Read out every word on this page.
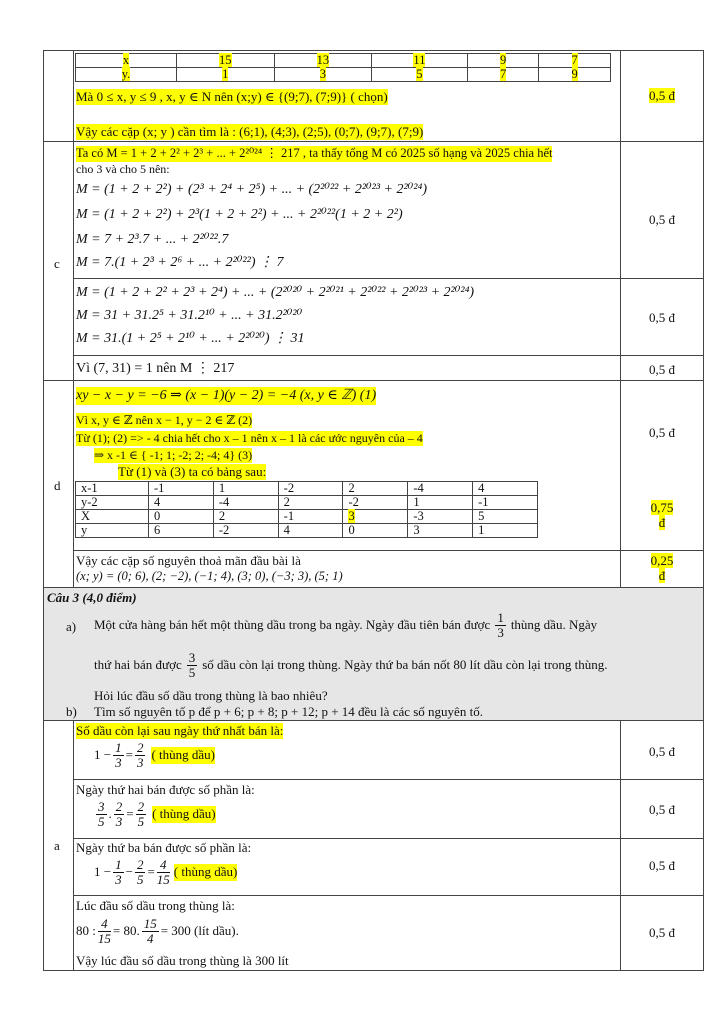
x	15	13	11	9	7
y.	1	3	5	7	9
Mà 0 ≤ x, y ≤ 9 , x, y ∈ N nên (x;y) ∈ {(9;7), (7;9)} ( chọn)
Vậy các cặp (x; y ) cần tìm là : (6;1), (4;3), (2;5), (0;7), (9;7), (7;9)
0,5 đ
c
Ta có M = 1 + 2 + 2² + 2³ + ... + 2²⁰²⁴ ⋮ 217 , ta thấy tổng M có 2025 số hạng và 2025 chia hết
cho 3 và cho 5 nên:
M = (1 + 2 + 2²) + (2³ + 2⁴ + 2⁵) + ... + (2²⁰²² + 2²⁰²³ + 2²⁰²⁴)
M = (1 + 2 + 2²) + 2³(1 + 2 + 2²) + ... + 2²⁰²²(1 + 2 + 2²)
M = 7 + 2³.7 + ... + 2²⁰²².7
M = 7.(1 + 2³ + 2⁶ + ... + 2²⁰²²) ⋮ 7
0,5 đ
M = (1 + 2 + 2² + 2³ + 2⁴) + ... + (2²⁰²⁰ + 2²⁰²¹ + 2²⁰²² + 2²⁰²³ + 2²⁰²⁴)
M = 31 + 31.2⁵ + 31.2¹⁰ + ... + 31.2²⁰²⁰
M = 31.(1 + 2⁵ + 2¹⁰ + ... + 2²⁰²⁰) ⋮ 31
0,5 đ
Vì (7, 31) = 1 nên M ⋮ 217	0,5 đ
d
xy − x − y = −6 ⇒ (x − 1)(y − 2) = −4 (x, y ∈ ℤ) (1)
Vì x, y ∈ ℤ nên x − 1, y − 2 ∈ ℤ (2)
Từ (1); (2) => - 4 chia hết cho x – 1 nên x – 1 là các ước nguyên của – 4
⇒ x -1 ∈ { -1; 1; -2; 2; -4; 4} (3)
Từ (1) và (3) ta có bảng sau:
0,5 đ
x-1	-1	1	-2	2	-4	4
y-2	4	-4	2	-2	1	-1
X	0	2	-1	3	-3	5
y	6	-2	4	0	3	1
0,75
đ
Vậy các cặp số nguyên thoả mãn đầu bài là
(x; y) = (0; 6), (2; −2), (−1; 4), (3; 0), (−3; 3), (5; 1)
0,25
đ
Câu 3 (4,0 điểm)
a) Một cửa hàng bán hết một thùng dầu trong ba ngày. Ngày đầu tiên bán được $\frac{1}{3}$ thùng dầu. Ngày
thứ hai bán được $\frac{3}{5}$ số dầu còn lại trong thùng. Ngày thứ ba bán nốt 80 lít dầu còn lại trong thùng.
Hỏi lúc đầu số dầu trong thùng là bao nhiêu?
b) Tìm số nguyên tố p để p + 6; p + 8; p + 12; p + 14 đều là các số nguyên tố.
a
Số dầu còn lại sau ngày thứ nhất bán là:
$1 - \frac{1}{3} = \frac{2}{3}$ ( thùng dầu)	0,5 đ
Ngày thứ hai bán được số phần là:
$\frac{3}{5}$ . $\frac{2}{3} = \frac{2}{5}$ ( thùng dầu)	0,5 đ
Ngày thứ ba bán được số phần là:
$1 - \frac{1}{3} - \frac{2}{5} = \frac{4}{15}$ ( thùng dầu)	0,5 đ
Lúc đầu số dầu trong thùng là:
80 : $\frac{4}{15} = 80$. $\frac{15}{4} = 300$ (lít dầu).
Vậy lúc đầu số dầu trong thùng là 300 lít
0,5 đ
